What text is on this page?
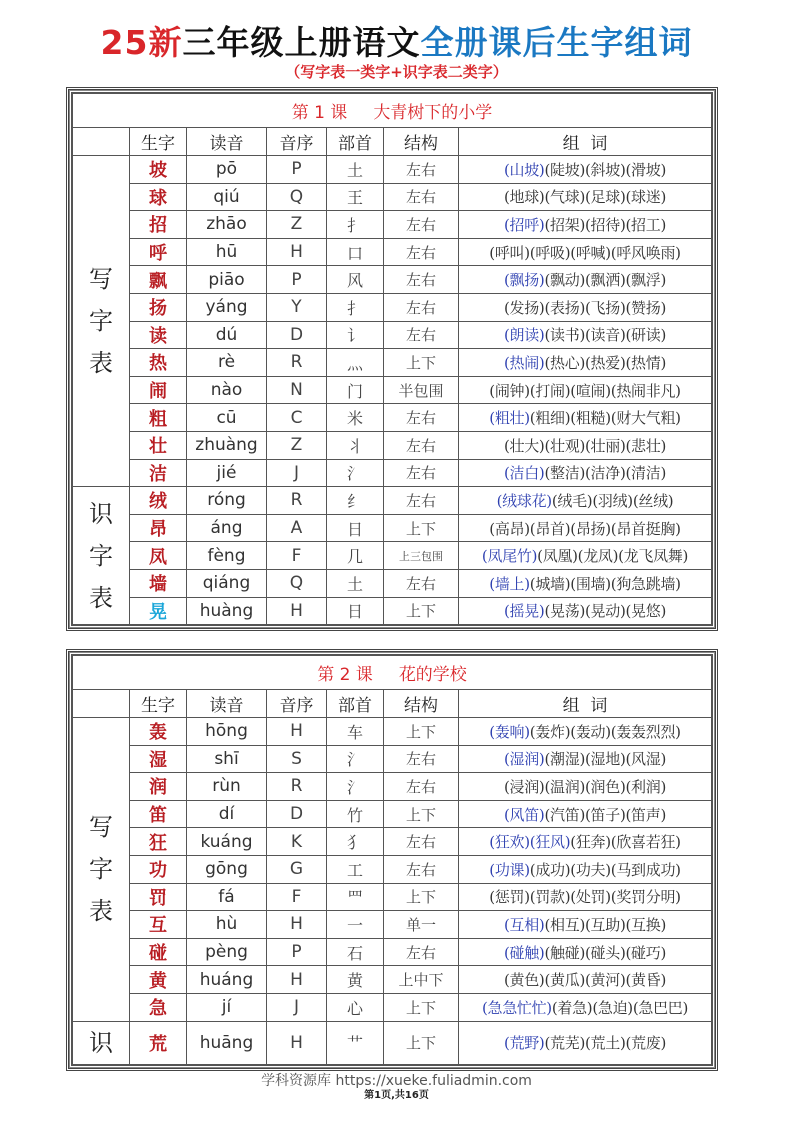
25新三年级上册语文全册课后生字组词
（写字表一类字+识字表二类字）
第 1 课 大青树下的小学						
	生字	读音	音序	部首	结构	组  词

写
字
表	坡	pō	P	土	左右	(山坡)(陡坡)(斜坡)(滑坡)
	球	qiú	Q	王	左右	(地球)(气球)(足球)(球迷)
	招	zhāo	Z	扌	左右	(招呼)(招架)(招待)(招工)
	呼	hū	H	口	左右	(呼叫)(呼吸)(呼喊)(呼风唤雨)
	飘	piāo	P	风	左右	(飘扬)(飘动)(飘洒)(飘浮)
	扬	yáng	Y	扌	左右	(发扬)(表扬)(飞扬)(赞扬)
	读	dú	D	讠	左右	(朗读)(读书)(读音)(研读)
	热	rè	R	灬	上下	(热闹)(热心)(热爱)(热情)
	闹	nào	N	门	半包围	(闹钟)(打闹)(喧闹)(热闹非凡)
	粗	cū	C	米	左右	(粗壮)(粗细)(粗糙)(财大气粗)
	壮	zhuàng	Z	丬	左右	(壮大)(壮观)(壮丽)(悲壮)
	洁	jié	J	氵	左右	(洁白)(整洁)(洁净)(清洁)

识
字
表	绒	róng	R	纟	左右	(绒球花)(绒毛)(羽绒)(丝绒)
	昂	áng	A	日	上下	(高昂)(昂首)(昂扬)(昂首挺胸)
	凤	fèng	F	几	上三包围	(凤尾竹)(凤凰)(龙凤)(龙飞凤舞)
	墙	qiáng	Q	土	左右	(墙上)(城墙)(围墙)(狗急跳墙)
	晃	huàng	H	日	上下	(摇晃)(晃荡)(晃动)(晃悠)
第 2 课 花的学校						
	生字	读音	音序	部首	结构	组  词

写
字
表	轰	hōng	H	车	上下	(轰响)(轰炸)(轰动)(轰轰烈烈)
	湿	shī	S	氵	左右	(湿润)(潮湿)(湿地)(风湿)
	润	rùn	R	氵	左右	(浸润)(温润)(润色)(利润)
	笛	dí	D	竹	上下	(风笛)(汽笛)(笛子)(笛声)
	狂	kuáng	K	犭	左右	(狂欢)(狂风)(狂奔)(欣喜若狂)
	功	gōng	G	工	左右	(功课)(成功)(功夫)(马到成功)
	罚	fá	F	罒	上下	(惩罚)(罚款)(处罚)(奖罚分明)
	互	hù	H	一	单一	(互相)(相互)(互助)(互换)
	碰	pèng	P	石	左右	(碰触)(触碰)(碰头)(碰巧)
	黄	huáng	H	黄	上中下	(黄色)(黄瓜)(黄河)(黄昏)
	急	jí	J	心	上下	(急急忙忙)(着急)(急迫)(急巴巴)

识	荒	huāng	H	艹	上下	(荒野)(荒芜)(荒土)(荒废)
学科资源库 https://xueke.fuliadmin.com
第1页,共16页
